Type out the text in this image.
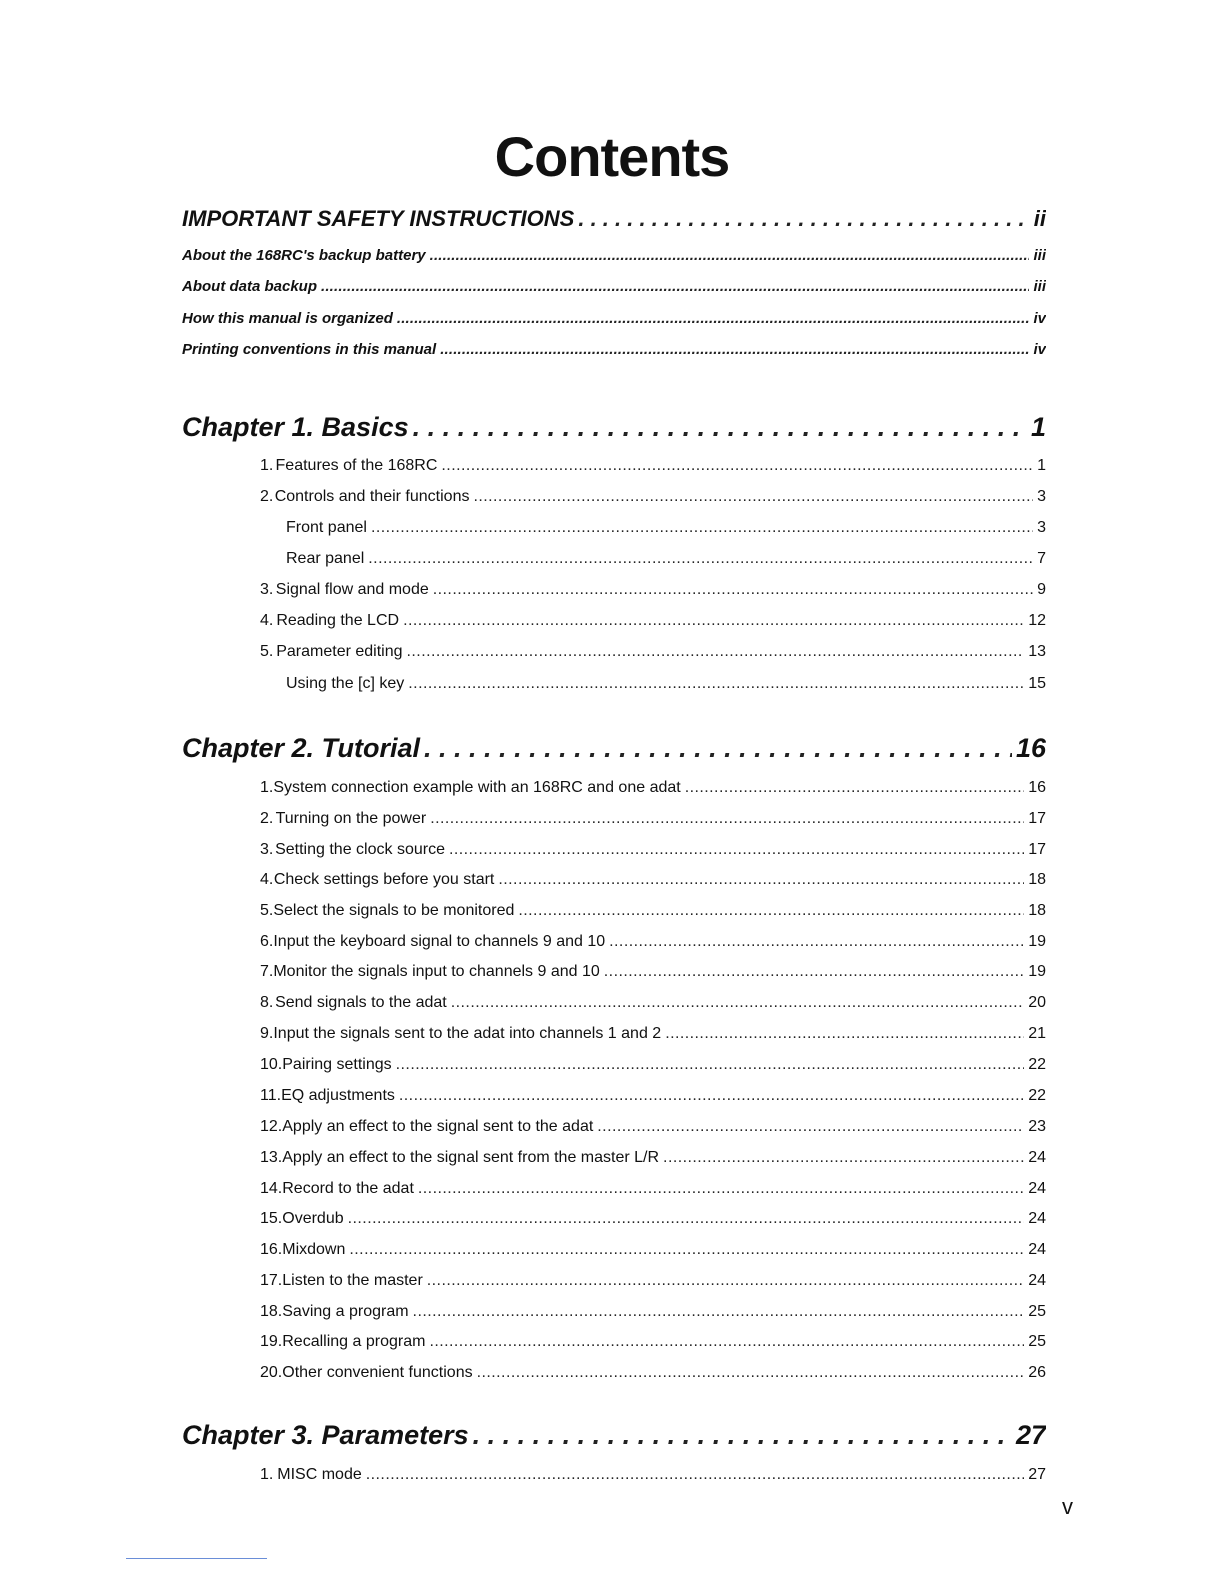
Contents
IMPORTANT SAFETY INSTRUCTIONS . . .	ii
About the 168RC's backup battery . . .	iii
About data backup . . .	iii
How this manual is organized . . .	iv
Printing conventions in this manual . . .	iv
Chapter 1. Basics . . .	1
1. Features of the 168RC . . .	1
2. Controls and their functions . . .	3
Front panel . . .	3
Rear panel . . .	7
3. Signal flow and mode . . .	9
4. Reading the LCD . . .	12
5. Parameter editing . . .	13
Using the [c] key . . .	15
Chapter 2. Tutorial . . .	16
1. System connection example with an 168RC and one adat . . .	16
2. Turning on the power . . .	17
3. Setting the clock source . . .	17
4. Check settings before you start . . .	18
5. Select the signals to be monitored . . .	18
6. Input the keyboard signal to channels 9 and 10 . . .	19
7. Monitor the signals input to channels 9 and 10 . . .	19
8. Send signals to the adat . . .	20
9. Input the signals sent to the adat into channels 1 and 2 . . .	21
10. Pairing settings . . .	22
11. EQ adjustments . . .	22
12. Apply an effect to the signal sent to the adat . . .	23
13. Apply an effect to the signal sent from the master L/R . . .	24
14. Record to the adat . . .	24
15. Overdub . . .	24
16. Mixdown . . .	24
17. Listen to the master . . .	24
18. Saving a program . . .	25
19. Recalling a program . . .	25
20. Other convenient functions . . .	26
Chapter 3. Parameters . . .	27
1. MISC mode . . .	27
v
